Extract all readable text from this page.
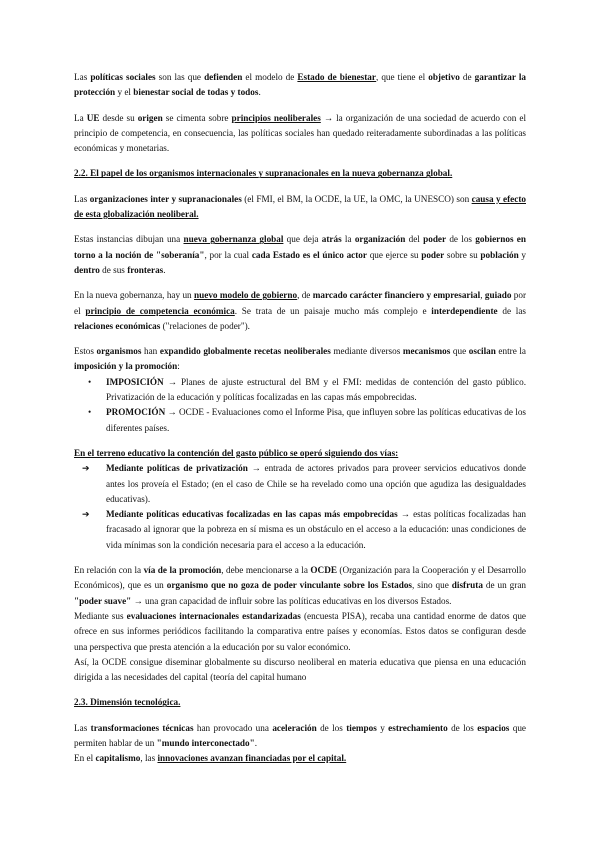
Las políticas sociales son las que defienden el modelo de Estado de bienestar, que tiene el objetivo de garantizar la protección y el bienestar social de todas y todos.

La UE desde su origen se cimenta sobre principios neoliberales → la organización de una sociedad de acuerdo con el principio de competencia, en consecuencia, las políticas sociales han quedado reiteradamente subordinadas a las políticas económicas y monetarias.

2.2. El papel de los organismos internacionales y supranacionales en la nueva gobernanza global.

Las organizaciones inter y supranacionales (el FMI, el BM, la OCDE, la UE, la OMC, la UNESCO) son causa y efecto de esta globalización neoliberal.

Estas instancias dibujan una nueva gobernanza global que deja atrás la organización del poder de los gobiernos en torno a la noción de "soberanía", por la cual cada Estado es el único actor que ejerce su poder sobre su población y dentro de sus fronteras.

En la nueva gobernanza, hay un nuevo modelo de gobierno, de marcado carácter financiero y empresarial, guiado por el principio de competencia económica. Se trata de un paisaje mucho más complejo e interdependiente de las relaciones económicas ("relaciones de poder").

Estos organismos han expandido globalmente recetas neoliberales mediante diversos mecanismos que oscilan entre la imposición y la promoción:

•	IMPOSICIÓN → Planes de ajuste estructural del BM y el FMI: medidas de contención del gasto público. Privatización de la educación y políticas focalizadas en las capas más empobrecidas.
•	PROMOCIÓN → OCDE - Evaluaciones como el Informe Pisa, que influyen sobre las políticas educativas de los diferentes países.
En el terreno educativo la contención del gasto público se operó siguiendo dos vías:
➔	Mediante políticas de privatización → entrada de actores privados para proveer servicios educativos donde antes los proveía el Estado; (en el caso de Chile se ha revelado como una opción que agudiza las desigualdades educativas).
➔	Mediante políticas educativas focalizadas en las capas más empobrecidas → estas políticas focalizadas han fracasado al ignorar que la pobreza en sí misma es un obstáculo en el acceso a la educación: unas condiciones de vida mínimas son la condición necesaria para el acceso a la educación.

En relación con la vía de la promoción, debe mencionarse a la OCDE (Organización para la Cooperación y el Desarrollo Económicos), que es un organismo que no goza de poder vinculante sobre los Estados, sino que disfruta de un gran "poder suave" → una gran capacidad de influir sobre las políticas educativas en los diversos Estados.

Mediante sus evaluaciones internacionales estandarizadas (encuesta PISA), recaba una cantidad enorme de datos que ofrece en sus informes periódicos facilitando la comparativa entre países y economías. Estos datos se configuran desde una perspectiva que presta atención a la educación por su valor económico.

Así, la OCDE consigue diseminar globalmente su discurso neoliberal en materia educativa que piensa en una educación dirigida a las necesidades del capital (teoría del capital humano

2.3. Dimensión tecnológica.

Las transformaciones técnicas han provocado una aceleración de los tiempos y estrechamiento de los espacios que permiten hablar de un "mundo interconectado".

En el capitalismo, las innovaciones avanzan financiadas por el capital.
